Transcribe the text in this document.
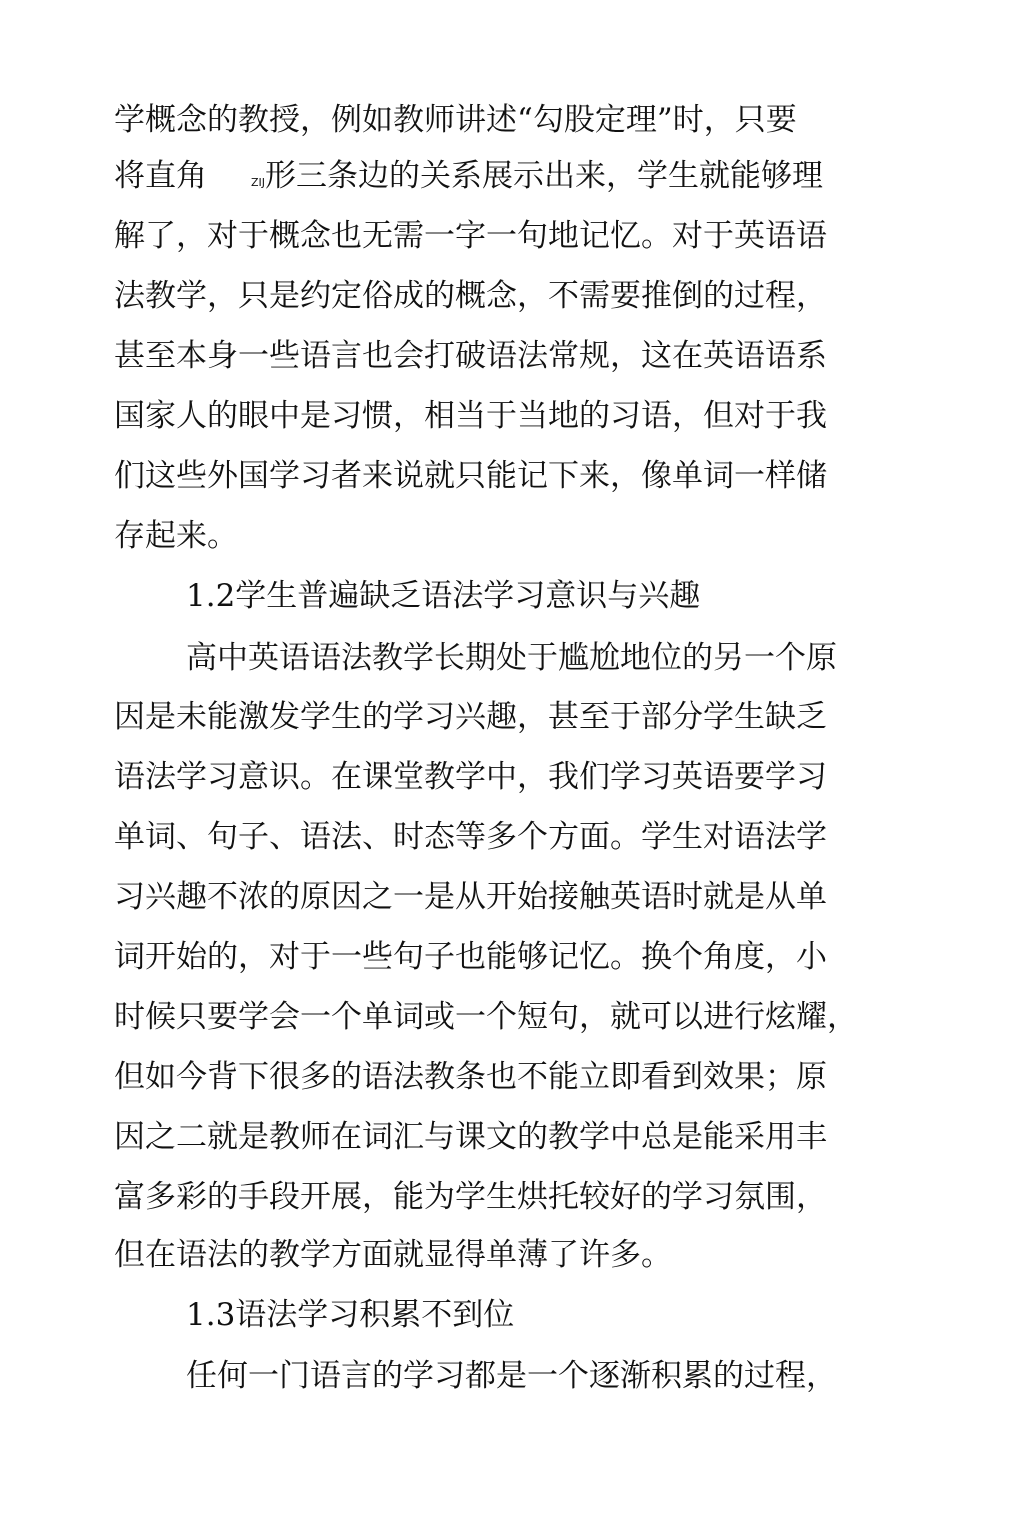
学概念的教授，例如教师讲述“勾股定理”时，只要
将直角	ZIJ形三条边的关系展示出来，学生就能够理
解了，对于概念也无需一字一句地记忆。对于英语语
法教学，只是约定俗成的概念，不需要推倒的过程，
甚至本身一些语言也会打破语法常规，这在英语语系
国家人的眼中是习惯，相当于当地的习语，但对于我
们这些外国学习者来说就只能记下来，像单词一样储
存起来。
1.2学生普遍缺乏语法学习意识与兴趣
高中英语语法教学长期处于尴尬地位的另一个原
因是未能激发学生的学习兴趣，甚至于部分学生缺乏
语法学习意识。在课堂教学中，我们学习英语要学习
单词、句子、语法、时态等多个方面。学生对语法学
习兴趣不浓的原因之一是从开始接触英语时就是从单
词开始的，对于一些句子也能够记忆。换个角度，小
时候只要学会一个单词或一个短句，就可以进行炫耀，
但如今背下很多的语法教条也不能立即看到效果；原
因之二就是教师在词汇与课文的教学中总是能采用丰
富多彩的手段开展，能为学生烘托较好的学习氛围，
但在语法的教学方面就显得单薄了许多。
1.3语法学习积累不到位
任何一门语言的学习都是一个逐渐积累的过程，
